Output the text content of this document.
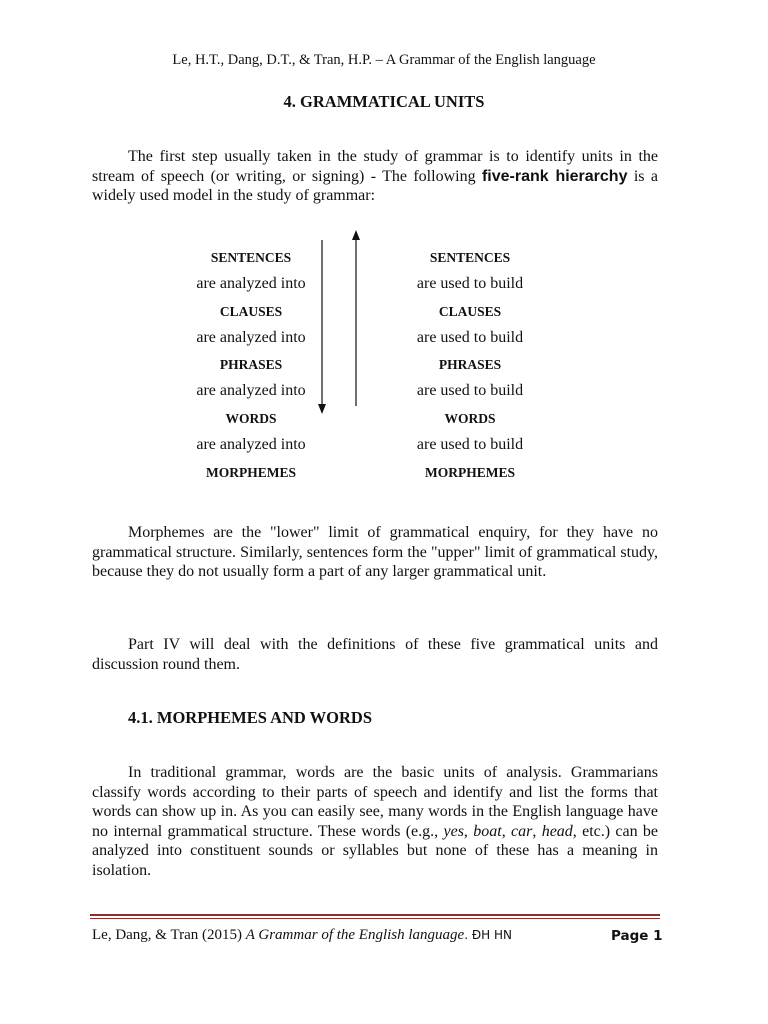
Le, H.T., Dang, D.T., & Tran, H.P. – A Grammar of the English language
4. GRAMMATICAL UNITS
The first step usually taken in the study of grammar is to identify units in the stream of speech (or writing, or signing) - The following five-rank hierarchy is a widely used model in the study of grammar:
SENTENCES
are analyzed into
CLAUSES
are analyzed into
PHRASES
are analyzed into
WORDS
are analyzed into
MORPHEMES
SENTENCES
are used to build
CLAUSES
are used to build
PHRASES
are used to build
WORDS
are used to build
MORPHEMES
Morphemes are the "lower" limit of grammatical enquiry, for they have no grammatical structure. Similarly, sentences form the "upper" limit of grammatical study, because they do not usually form a part of any larger grammatical unit.
Part IV will deal with the definitions of these five grammatical units and discussion round them.
4.1. MORPHEMES AND WORDS
In traditional grammar, words are the basic units of analysis. Grammarians classify words according to their parts of speech and identify and list the forms that words can show up in. As you can easily see, many words in the English language have no internal grammatical structure. These words (e.g., yes, boat, car, head, etc.) can be analyzed into constituent sounds or syllables but none of these has a meaning in isolation.
Le, Dang, & Tran (2015) A Grammar of the English language. ĐH HN	Page 1
